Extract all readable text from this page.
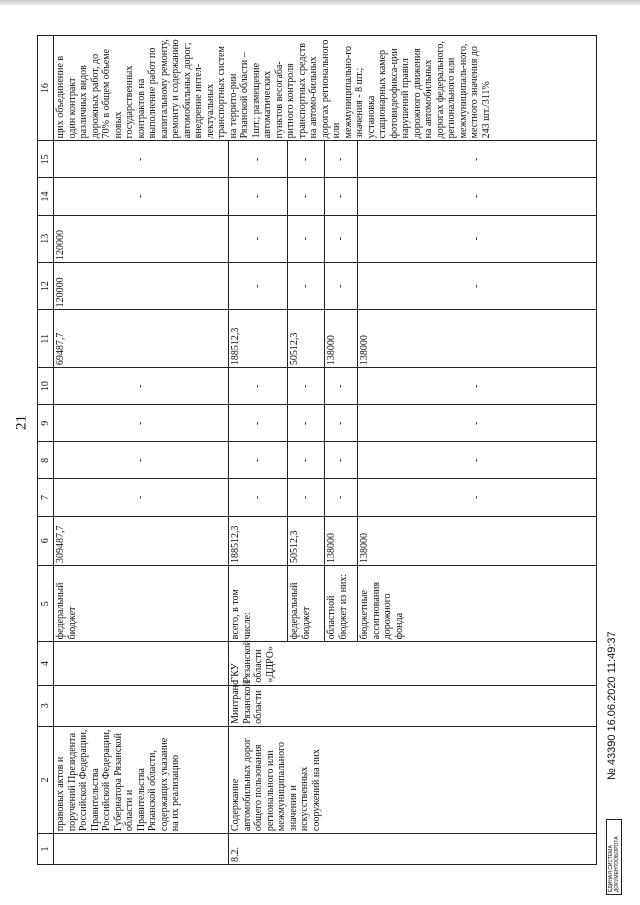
21
1	2	3	4	5	6	7	8	9	10	11	12	13	14	15	16
	правовых актов и поручений Президента Российской Федерации, Правительства Российской Федерации, Губернатора Рязанской области и Правительства Рязанской области, содержащих указание на их реализацию			федеральный бюджет	309487,7	-	-	-	-	69487,7	120000	120000	-	-	щих объединение в один контракт различных видов дорожных работ, до 70% в общем объеме новых государственных контрактов на выполнение работ по капитальному ремонту, ремонту и содержанию автомобильных дорог; внедрение интел-лектуальных транспортных систем на террито-рии Рязанской области – 1шт.; размещение автоматических пунктов весогаба-ритного контроля транспортных средств на автомо-бильных дорогах регионального или межмуниципально-го значения - 8 шт.; установка стационарных камер фотовидеофикса-ции нарушений правил дорожного движения на автомобильных дорогах федерального, регионального или межмуниципаль-ного, местного значения до 243 шт./311%
8.2.	Содержание автомобильных дорог общего пользования регионального или межмуниципального значения и искусственных сооружений на них	Минтранс Рязанской области	ГКУ Рязанской области «ДДРО»	всего, в том числе:	188512,3	-	-	-	-	188512,3	-	-	-	-	
				федеральный бюджет	50512,3	-	-	-	-	50512,3	-	-	-	-	
				областной бюджет из них:	138000	-	-	-	-	138000	-	-	-	-	
				бюджетные ассигнования дорожного фонда	138000	-	-	-	-	138000	-	-	-	-	
№ 43390 16.06.2020 11:49:37
ЕДИНАЯ СИСТЕМА ДОКУМЕНТООБОРОТА
